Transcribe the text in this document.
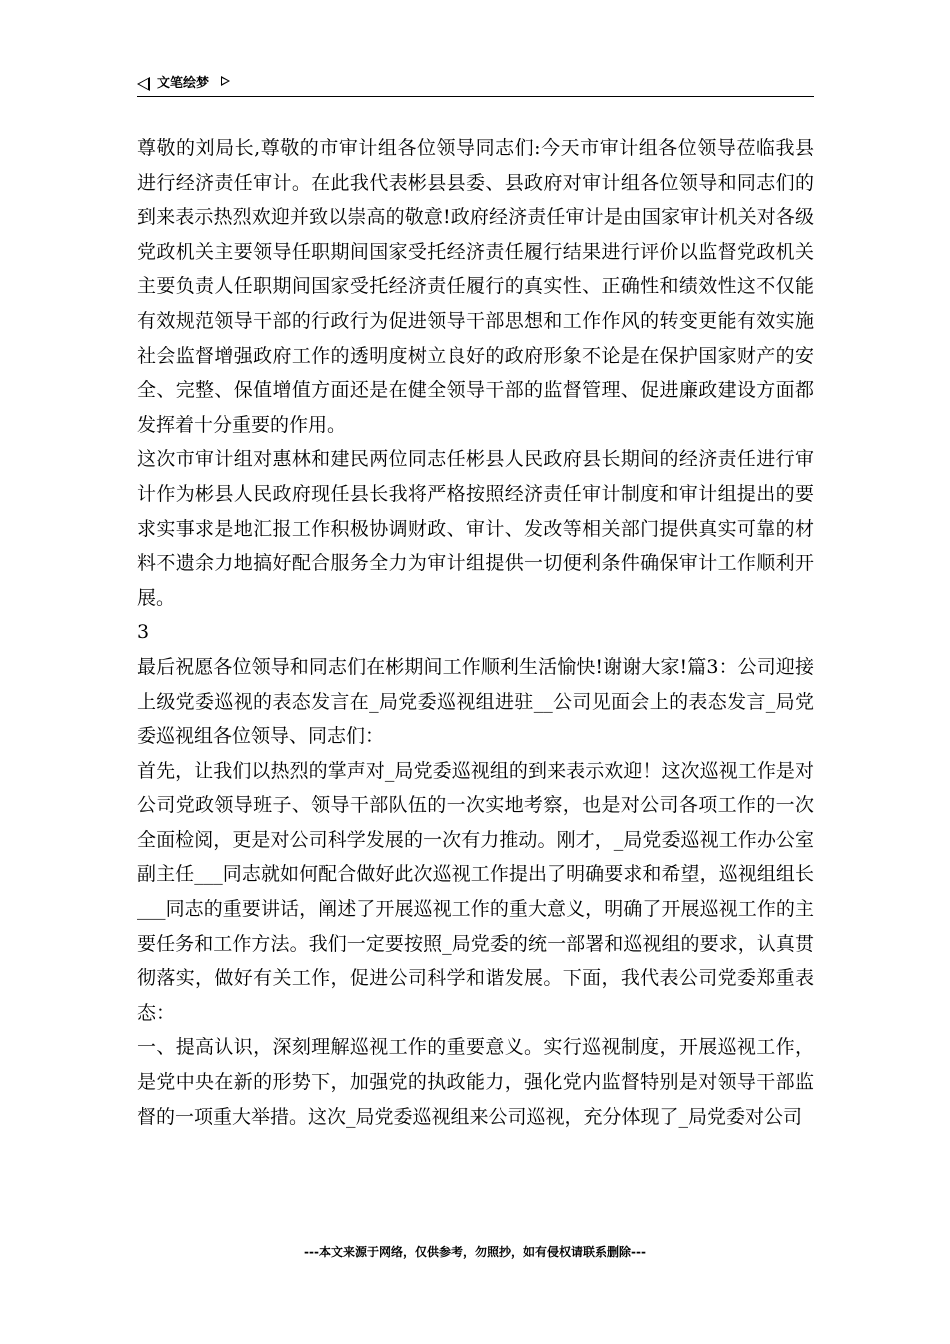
文笔绘梦

尊敬的刘局长,尊敬的市审计组各位领导同志们:今天市审计组各位领导莅临我县进行经济责任审计。在此我代表彬县县委、县政府对审计组各位领导和同志们的到来表示热烈欢迎并致以崇高的敬意!政府经济责任审计是由国家审计机关对各级党政机关主要领导任职期间国家受托经济责任履行结果进行评价以监督党政机关主要负责人任职期间国家受托经济责任履行的真实性、正确性和绩效性这不仅能有效规范领导干部的行政行为促进领导干部思想和工作作风的转变更能有效实施社会监督增强政府工作的透明度树立良好的政府形象不论是在保护国家财产的安全、完整、保值增值方面还是在健全领导干部的监督管理、促进廉政建设方面都发挥着十分重要的作用。

这次市审计组对惠林和建民两位同志任彬县人民政府县长期间的经济责任进行审计作为彬县人民政府现任县长我将严格按照经济责任审计制度和审计组提出的要求实事求是地汇报工作积极协调财政、审计、发改等相关部门提供真实可靠的材料不遗余力地搞好配合服务全力为审计组提供一切便利条件确保审计工作顺利开展。

3

最后祝愿各位领导和同志们在彬期间工作顺利生活愉快!谢谢大家!篇3：公司迎接上级党委巡视的表态发言在_局党委巡视组进驻__公司见面会上的表态发言_局党委巡视组各位领导、同志们：

首先，让我们以热烈的掌声对_局党委巡视组的到来表示欢迎！这次巡视工作是对公司党政领导班子、领导干部队伍的一次实地考察，也是对公司各项工作的一次全面检阅，更是对公司科学发展的一次有力推动。刚才，_局党委巡视工作办公室副主任___同志就如何配合做好此次巡视工作提出了明确要求和希望，巡视组组长___同志的重要讲话，阐述了开展巡视工作的重大意义，明确了开展巡视工作的主要任务和工作方法。我们一定要按照_局党委的统一部署和巡视组的要求，认真贯彻落实，做好有关工作，促进公司科学和谐发展。下面，我代表公司党委郑重表态：

一、提高认识，深刻理解巡视工作的重要意义。实行巡视制度，开展巡视工作，是党中央在新的形势下，加强党的执政能力，强化党内监督特别是对领导干部监督的一项重大举措。这次_局党委巡视组来公司巡视，充分体现了_局党委对公司

---本文来源于网络，仅供参考，勿照抄，如有侵权请联系删除---
